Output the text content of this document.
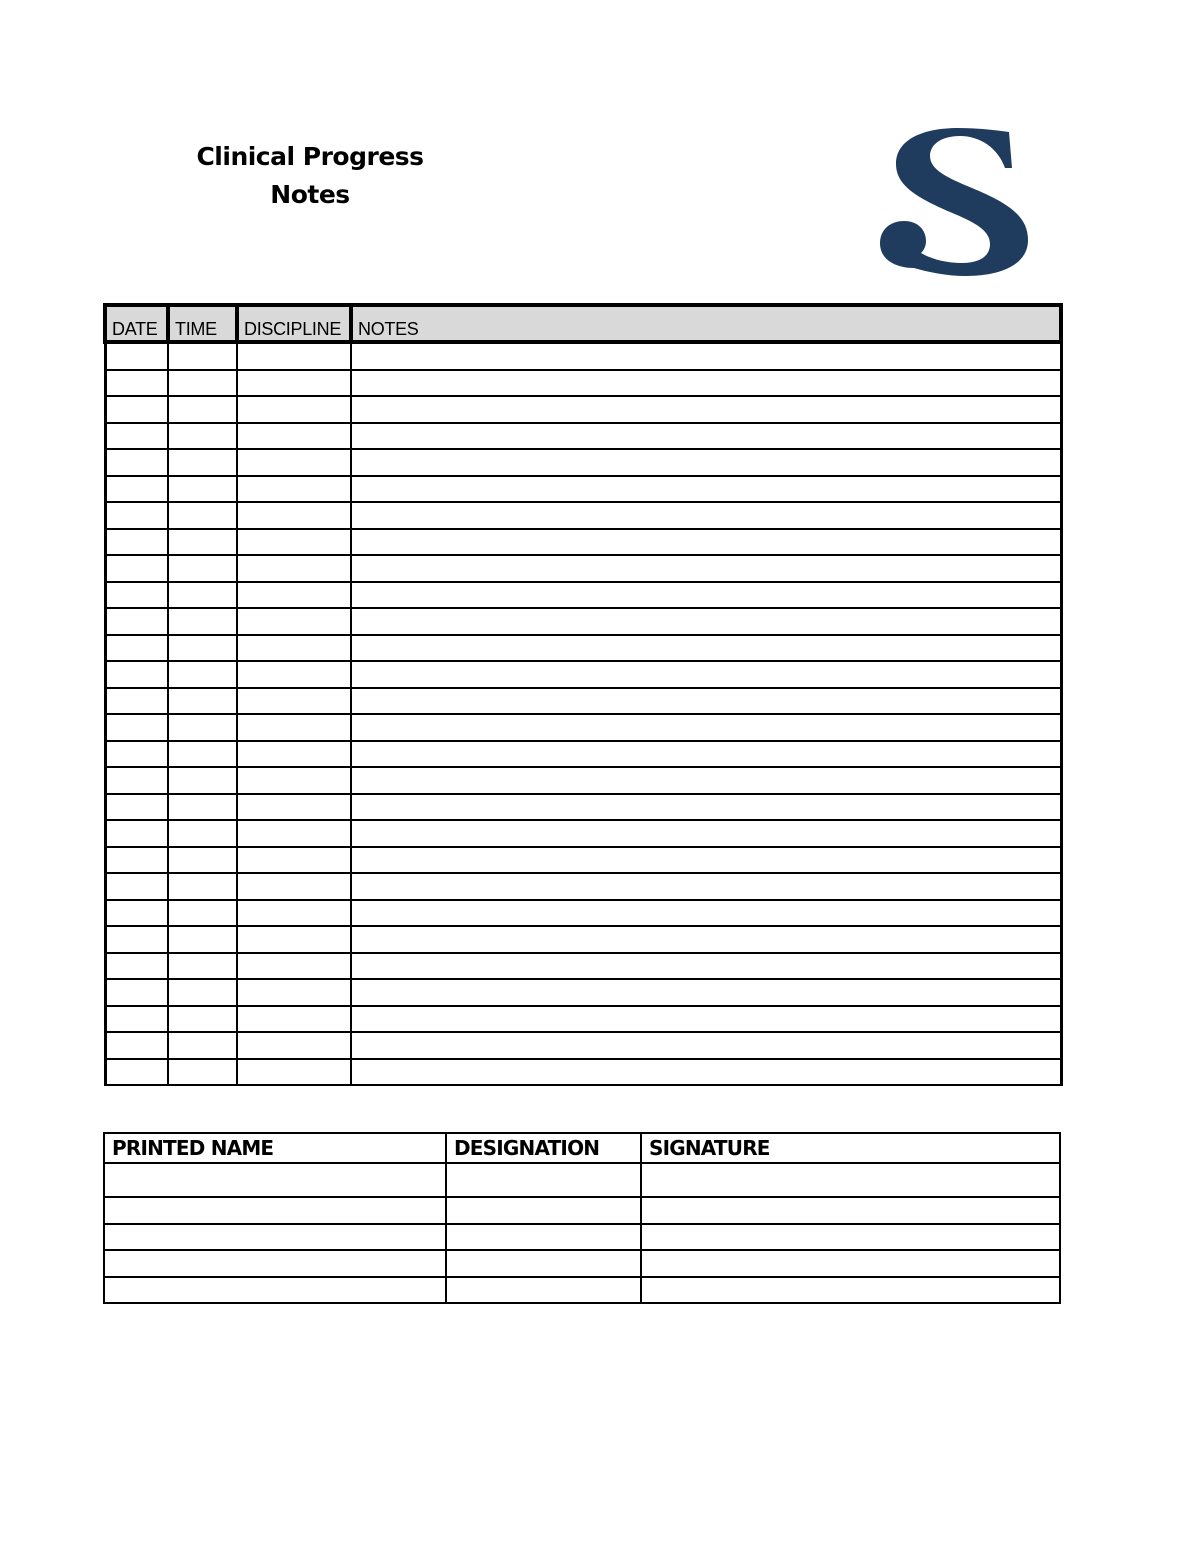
Clinical Progress
Notes
DATE	TIME	DISCIPLINE	NOTES

PRINTED NAME	DESIGNATION	SIGNATURE
